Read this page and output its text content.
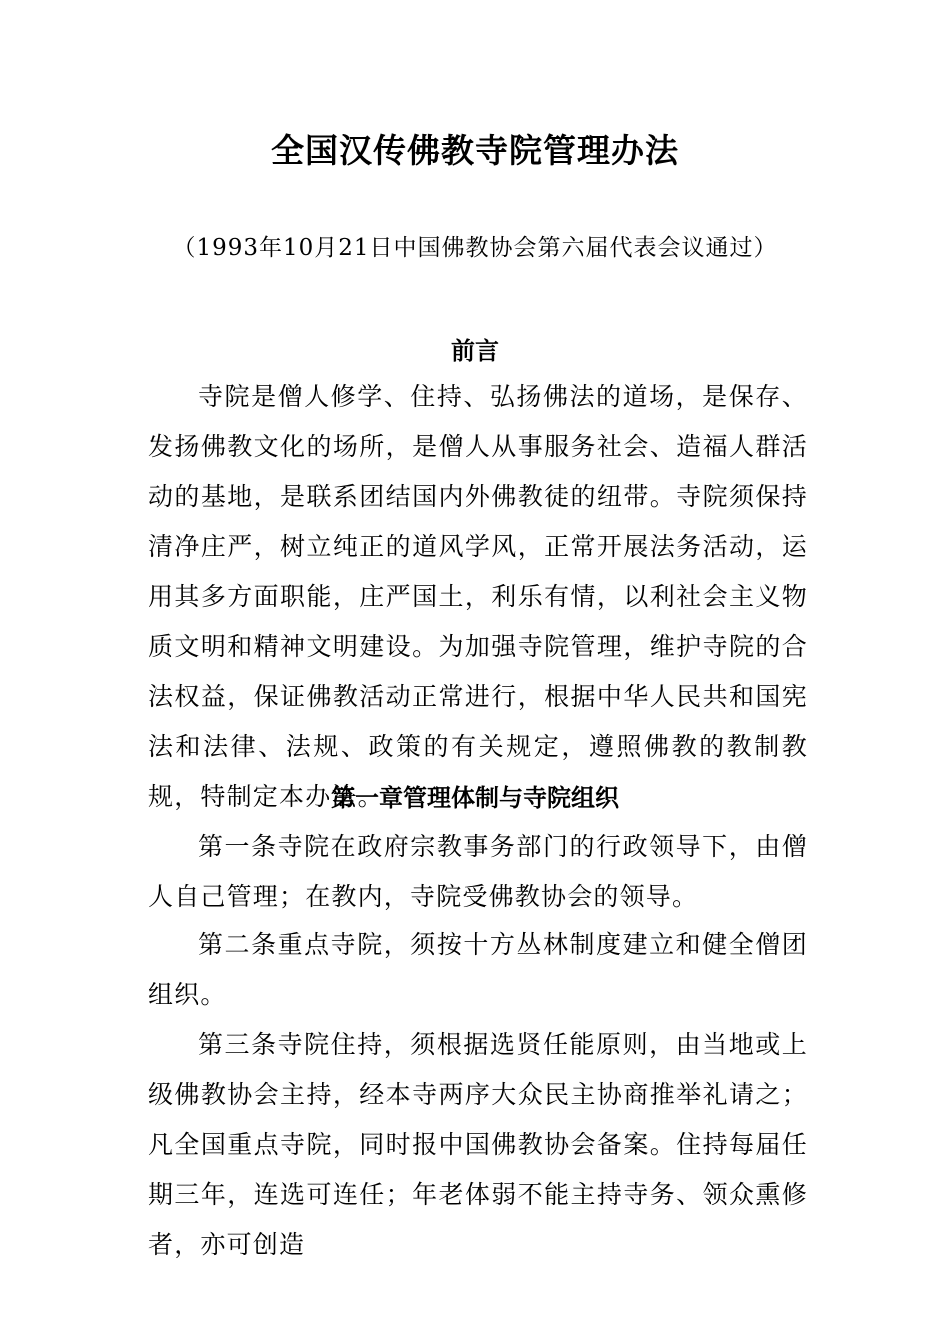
全国汉传佛教寺院管理办法

（1993年10月21日中国佛教协会第六届代表会议通过）

前言

寺院是僧人修学、住持、弘扬佛法的道场，是保存、发扬佛教文化的场所，是僧人从事服务社会、造福人群活动的基地，是联系团结国内外佛教徒的纽带。寺院须保持清净庄严，树立纯正的道风学风，正常开展法务活动，运用其多方面职能，庄严国土，利乐有情，以利社会主义物质文明和精神文明建设。为加强寺院管理，维护寺院的合法权益，保证佛教活动正常进行，根据中华人民共和国宪法和法律、法规、政策的有关规定，遵照佛教的教制教规，特制定本办法。

第一章管理体制与寺院组织

第一条寺院在政府宗教事务部门的行政领导下，由僧人自己管理；在教内，寺院受佛教协会的领导。

第二条重点寺院，须按十方丛林制度建立和健全僧团组织。

第三条寺院住持，须根据选贤任能原则，由当地或上级佛教协会主持，经本寺两序大众民主协商推举礼请之；凡全国重点寺院，同时报中国佛教协会备案。住持每届任期三年，连选可连任；年老体弱不能主持寺务、领众熏修者，亦可创造
